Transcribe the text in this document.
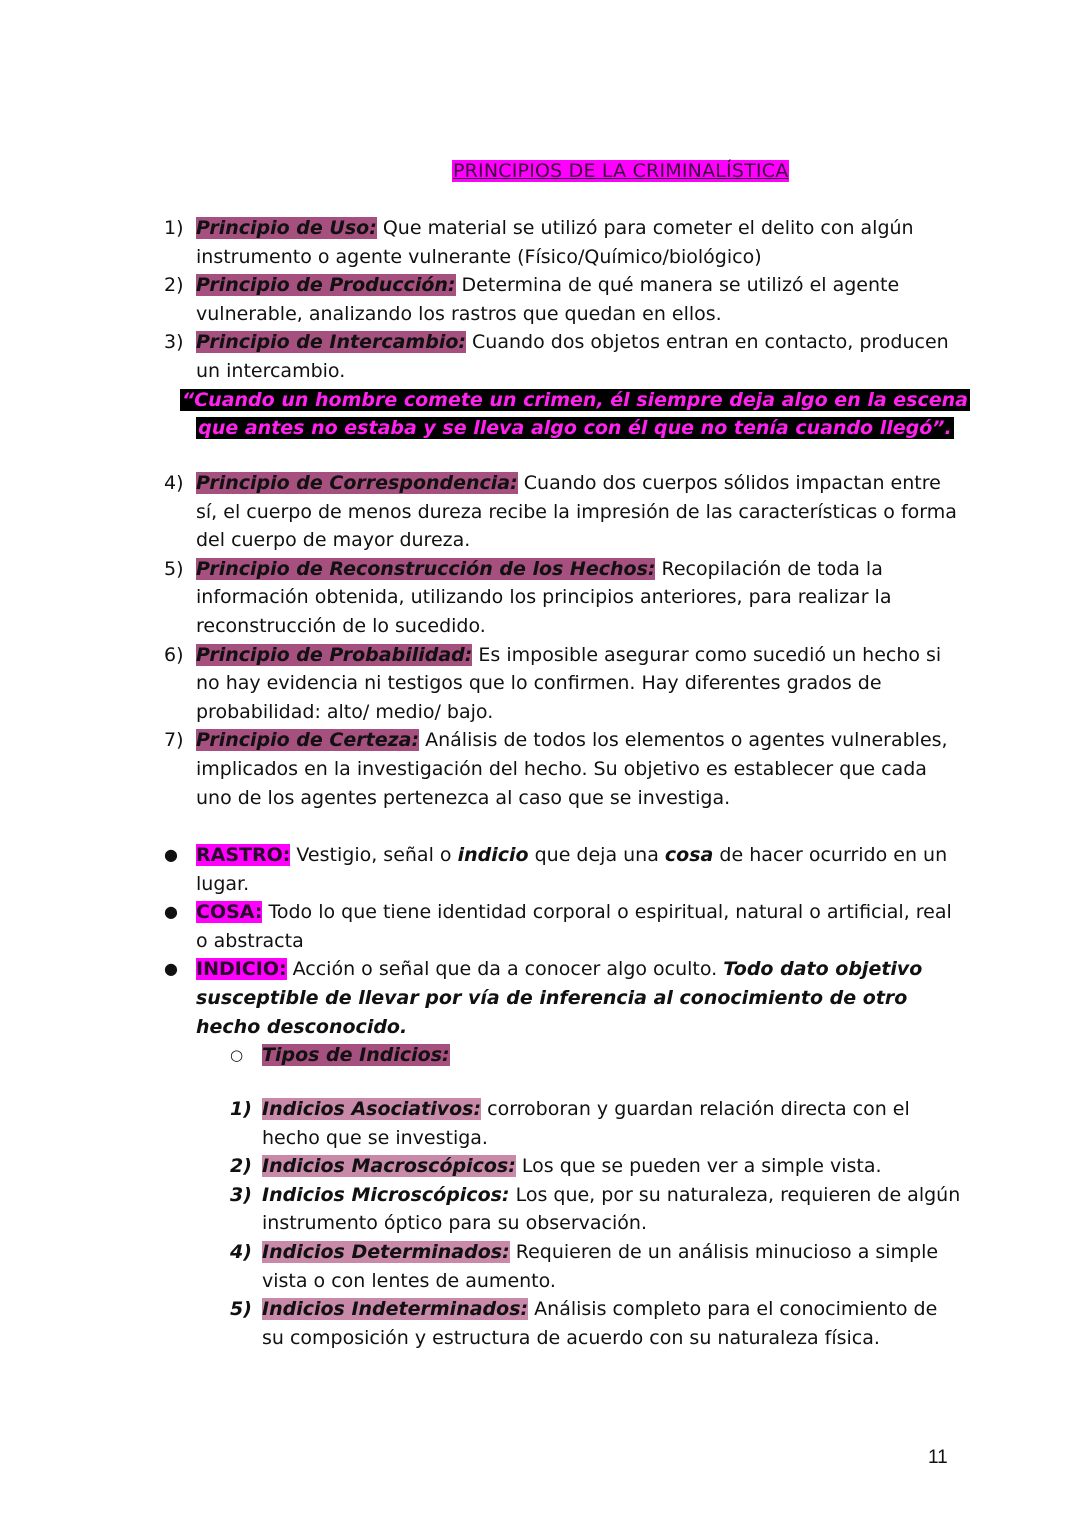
PRINCIPIOS DE LA CRIMINALÍSTICA
1) Principio de Uso: Que material se utilizó para cometer el delito con algún instrumento o agente vulnerante (Físico/Químico/biológico)
2) Principio de Producción: Determina de qué manera se utilizó el agente vulnerable, analizando los rastros que quedan en ellos.
3) Principio de Intercambio: Cuando dos objetos entran en contacto, producen un intercambio.
“Cuando un hombre comete un crimen, él siempre deja algo en la escena
que antes no estaba y se lleva algo con él que no tenía cuando llegó”.
4) Principio de Correspondencia: Cuando dos cuerpos sólidos impactan entre sí, el cuerpo de menos dureza recibe la impresión de las características o forma del cuerpo de mayor dureza.
5) Principio de Reconstrucción de los Hechos: Recopilación de toda la información obtenida, utilizando los principios anteriores, para realizar la reconstrucción de lo sucedido.
6) Principio de Probabilidad: Es imposible asegurar como sucedió un hecho si no hay evidencia ni testigos que lo confirmen. Hay diferentes grados de probabilidad: alto/ medio/ bajo.
7) Principio de Certeza: Análisis de todos los elementos o agentes vulnerables, implicados en la investigación del hecho. Su objetivo es establecer que cada uno de los agentes pertenezca al caso que se investiga.
● RASTRO: Vestigio, señal o indicio que deja una cosa de hacer ocurrido en un lugar.
● COSA: Todo lo que tiene identidad corporal o espiritual, natural o artificial, real o abstracta
● INDICIO: Acción o señal que da a conocer algo oculto. Todo dato objetivo susceptible de llevar por vía de inferencia al conocimiento de otro hecho desconocido.
○ Tipos de Indicios:
1) Indicios Asociativos: corroboran y guardan relación directa con el hecho que se investiga.
2) Indicios Macroscópicos: Los que se pueden ver a simple vista.
3) Indicios Microscópicos: Los que, por su naturaleza, requieren de algún instrumento óptico para su observación.
4) Indicios Determinados: Requieren de un análisis minucioso a simple vista o con lentes de aumento.
5) Indicios Indeterminados: Análisis completo para el conocimiento de su composición y estructura de acuerdo con su naturaleza física.
11
